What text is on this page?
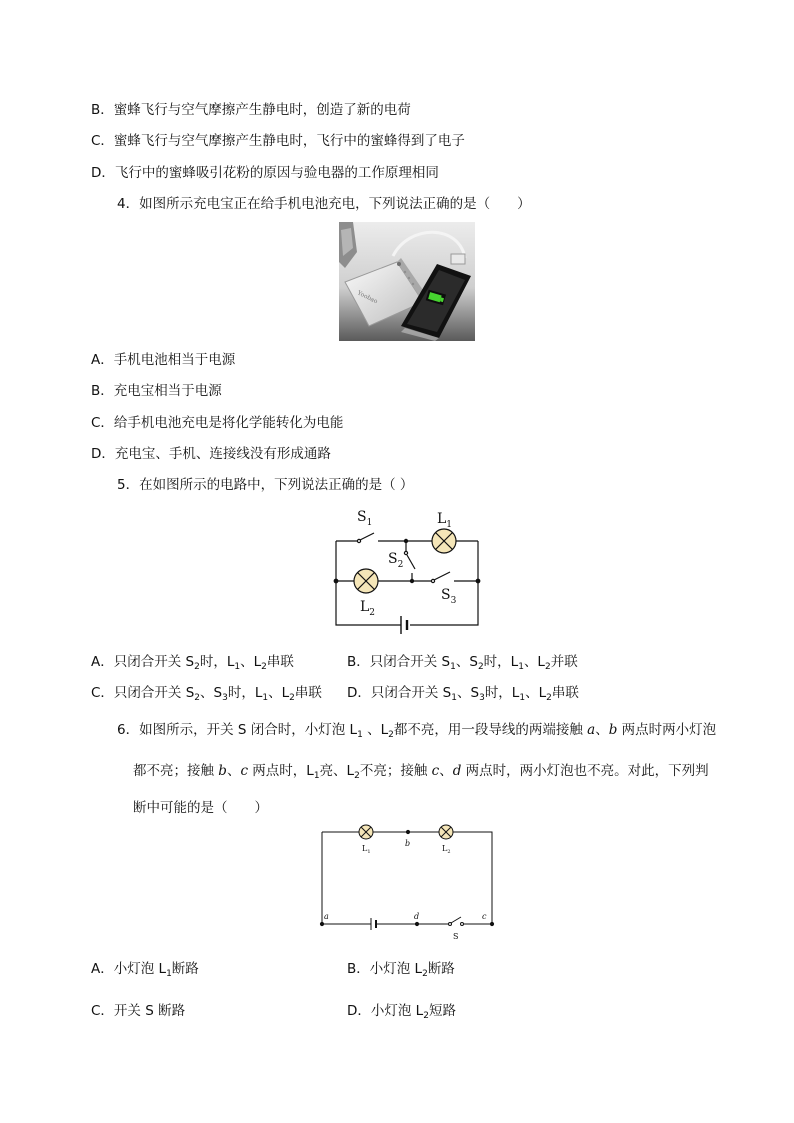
B．蜜蜂飞行与空气摩擦产生静电时，创造了新的电荷
C．蜜蜂飞行与空气摩擦产生静电时，飞行中的蜜蜂得到了电子
D．飞行中的蜜蜂吸引花粉的原因与验电器的工作原理相同
4．如图所示充电宝正在给手机电池充电，下列说法正确的是（　　）
Yoobao
A．手机电池相当于电源
B．充电宝相当于电源
C．给手机电池充电是将化学能转化为电能
D．充电宝、手机、连接线没有形成通路
5．在如图所示的电路中，下列说法正确的是（ ）
$S_1$	$L_1$
$S_2$
$L_2$
$S_3$
A．只闭合开关 $S_2$时，$L_1$、$L_2$串联	B．只闭合开关 $S_1$、$S_2$时，$L_1$、$L_2$并联
C．只闭合开关 $S_2$、$S_3$时，$L_1$、$L_2$串联 D．只闭合开关 $S_1$、$S_3$时，$L_1$、$L_2$串联
6．如图所示，开关 S 闭合时，小灯泡 $L_1$ 、$L_2$都不亮，用一段导线的两端接触 a、b 两点时两小灯泡
都不亮；接触 b、c 两点时，$L_1$亮、$L_2$不亮；接触 c、d 两点时，两小灯泡也不亮。对此，下列判
断中可能的是（　　）
$L_1$	$L_2$
b
a	d	c
S
A．小灯泡 $L_1$断路	B．小灯泡 $L_2$断路
C．开关 S 断路	D．小灯泡 $L_2$短路
